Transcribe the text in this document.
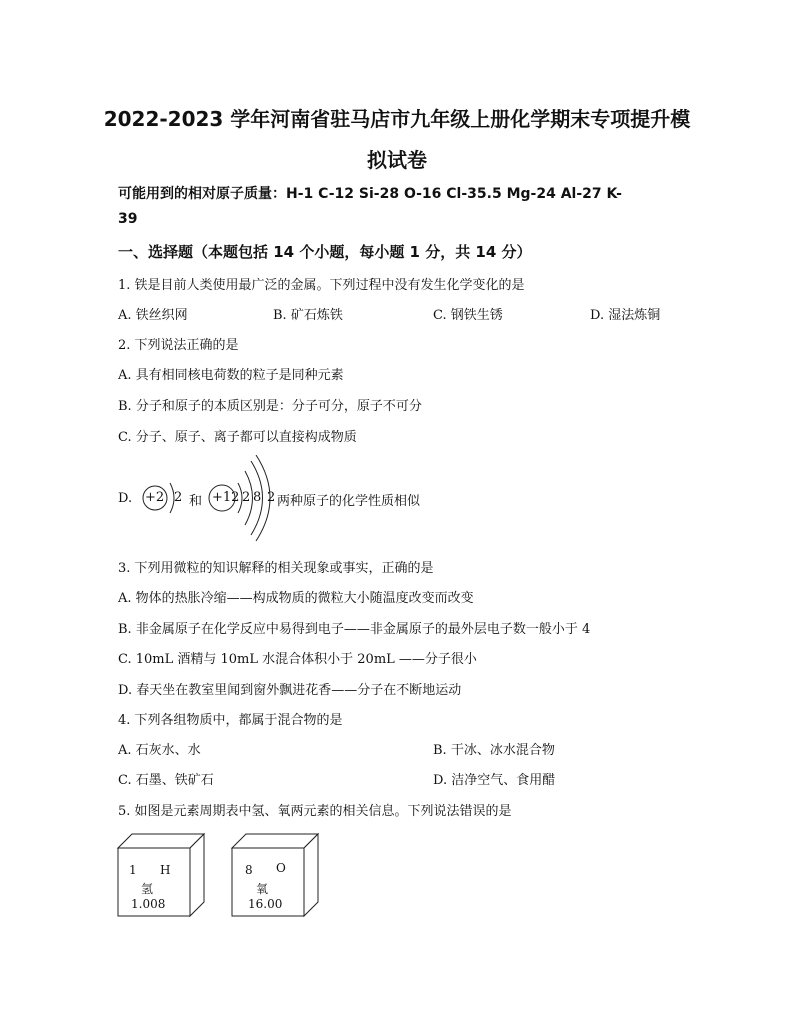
2022-2023 学年河南省驻马店市九年级上册化学期末专项提升模
拟试卷
可能用到的相对原子质量：H-1 C-12 Si-28 O-16 Cl-35.5 Mg-24 Al-27 K-
39
一、选择题（本题包括 14 个小题，每小题 1 分，共 14 分）
1. 铁是目前人类使用最广泛的金属。下列过程中没有发生化学变化的是
A. 铁丝织网	B. 矿石炼铁	C. 钢铁生锈	D. 湿法炼铜
2. 下列说法正确的是
A. 具有相同核电荷数的粒子是同种元素
B. 分子和原子的本质区别是：分子可分，原子不可分
C. 分子、原子、离子都可以直接构成物质
D. +2 2 和 +12 2 8 2 两种原子的化学性质相似
3. 下列用微粒的知识解释的相关现象或事实，正确的是
A. 物体的热胀冷缩——构成物质的微粒大小随温度改变而改变
B. 非金属原子在化学反应中易得到电子——非金属原子的最外层电子数一般小于 4
C. 10mL 酒精与 10mL 水混合体积小于 20mL ——分子很小
D. 春天坐在教室里闻到窗外飘进花香——分子在不断地运动
4. 下列各组物质中，都属于混合物的是
A. 石灰水、水	B. 干冰、冰水混合物
C. 石墨、铁矿石	D. 洁净空气、食用醋
5. 如图是元素周期表中氢、氧两元素的相关信息。下列说法错误的是
1 H
氢
1.008
8 O
氧
16.00
